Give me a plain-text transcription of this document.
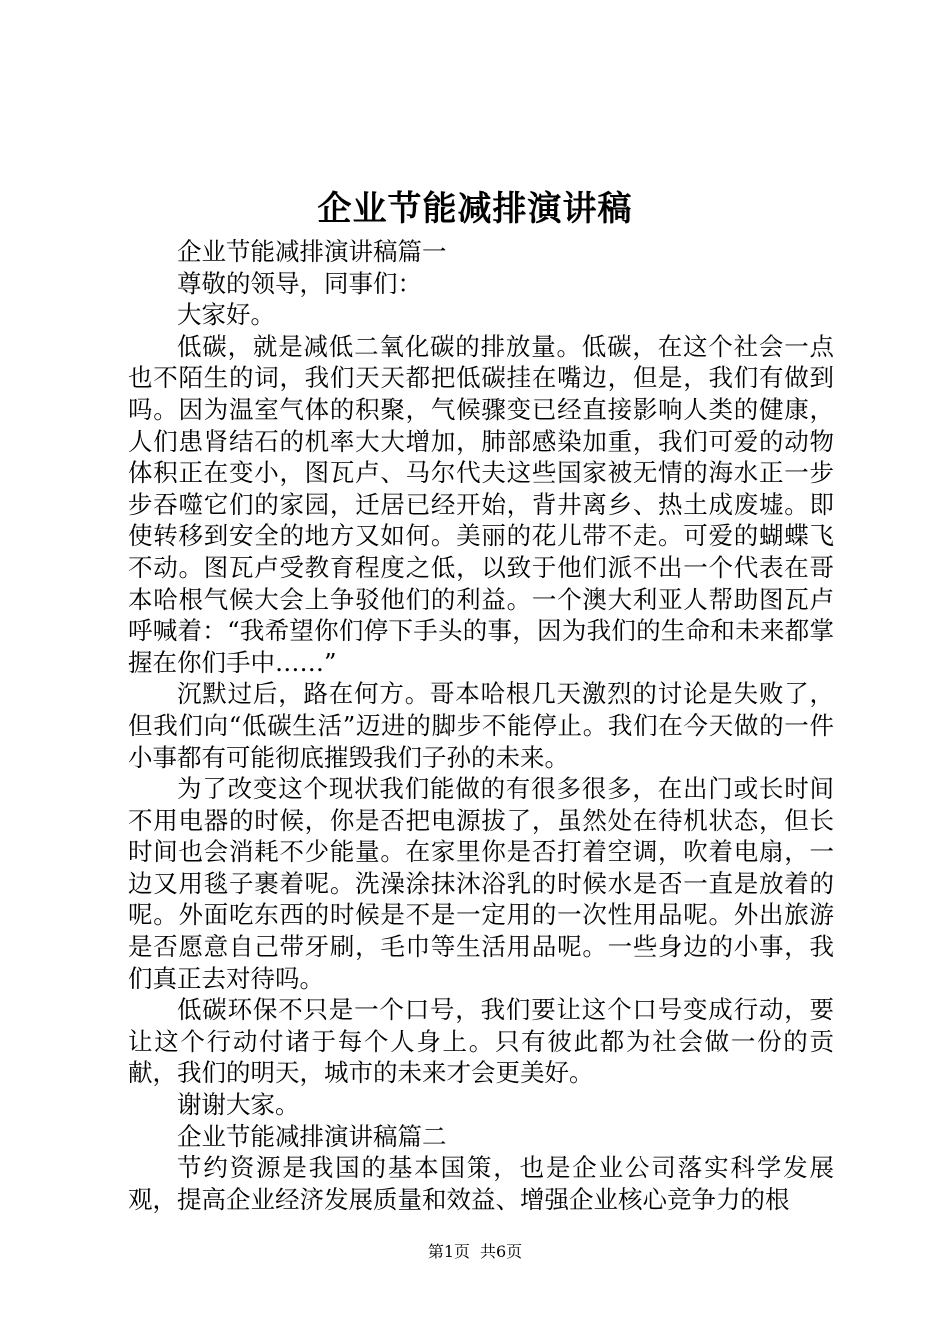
企业节能减排演讲稿

企业节能减排演讲稿篇一

尊敬的领导，同事们：

大家好。

低碳，就是减低二氧化碳的排放量。低碳，在这个社会一点也不陌生的词，我们天天都把低碳挂在嘴边，但是，我们有做到吗。因为温室气体的积聚，气候骤变已经直接影响人类的健康，人们患肾结石的机率大大增加，肺部感染加重，我们可爱的动物体积正在变小，图瓦卢、马尔代夫这些国家被无情的海水正一步步吞噬它们的家园，迁居已经开始，背井离乡、热土成废墟。即使转移到安全的地方又如何。美丽的花儿带不走。可爱的蝴蝶飞不动。图瓦卢受教育程度之低，以致于他们派不出一个代表在哥本哈根气候大会上争驳他们的利益。一个澳大利亚人帮助图瓦卢呼喊着：“我希望你们停下手头的事，因为我们的生命和未来都掌握在你们手中……”

沉默过后，路在何方。哥本哈根几天激烈的讨论是失败了，但我们向“低碳生活”迈进的脚步不能停止。我们在今天做的一件小事都有可能彻底摧毁我们子孙的未来。

为了改变这个现状我们能做的有很多很多，在出门或长时间不用电器的时候，你是否把电源拔了，虽然处在待机状态，但长时间也会消耗不少能量。在家里你是否打着空调，吹着电扇，一边又用毯子裹着呢。洗澡涂抹沐浴乳的时候水是否一直是放着的呢。外面吃东西的时候是不是一定用的一次性用品呢。外出旅游是否愿意自己带牙刷，毛巾等生活用品呢。一些身边的小事，我们真正去对待吗。

低碳环保不只是一个口号，我们要让这个口号变成行动，要让这个行动付诸于每个人身上。只有彼此都为社会做一份的贡献，我们的明天，城市的未来才会更美好。

谢谢大家。

企业节能减排演讲稿篇二

节约资源是我国的基本国策，也是企业公司落实科学发展观，提高企业经济发展质量和效益、增强企业核心竞争力的根

第1页 共6页
